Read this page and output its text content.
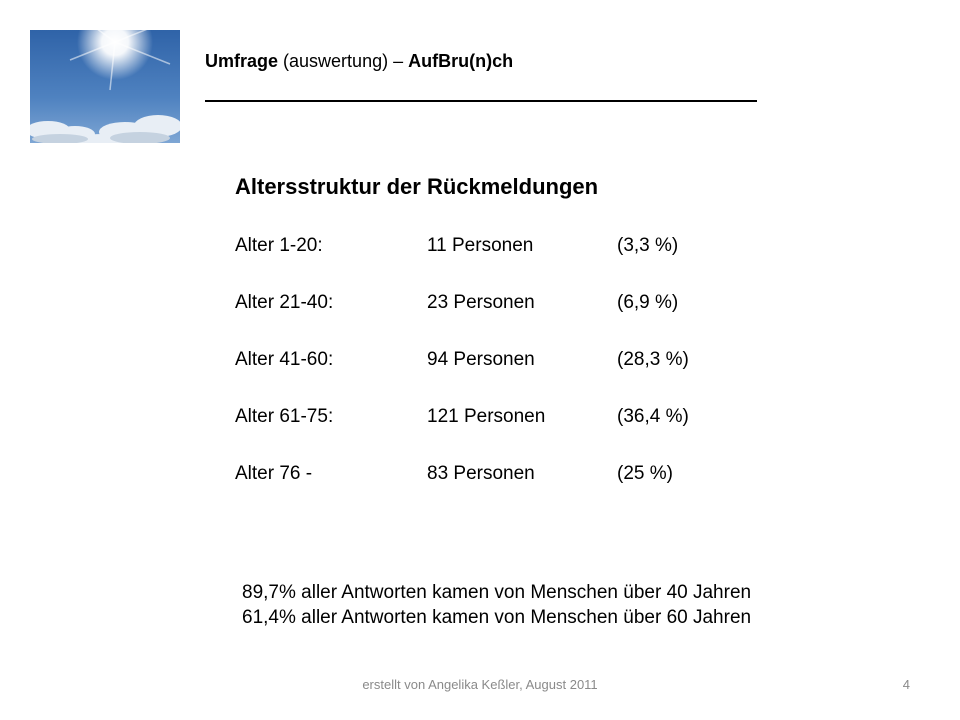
Umfrage (auswertung) – AufBru(n)ch
Altersstruktur der Rückmeldungen
Alter 1-20:	11 Personen	(3,3 %)
Alter 21-40:	23 Personen	(6,9 %)
Alter 41-60:	94 Personen	(28,3 %)
Alter 61-75:	121 Personen	(36,4 %)
Alter 76 -	83 Personen	(25 %)
89,7% aller Antworten kamen von Menschen über 40 Jahren
61,4% aller Antworten kamen von Menschen über 60 Jahren
erstellt von Angelika Keßler, August 2011	4
